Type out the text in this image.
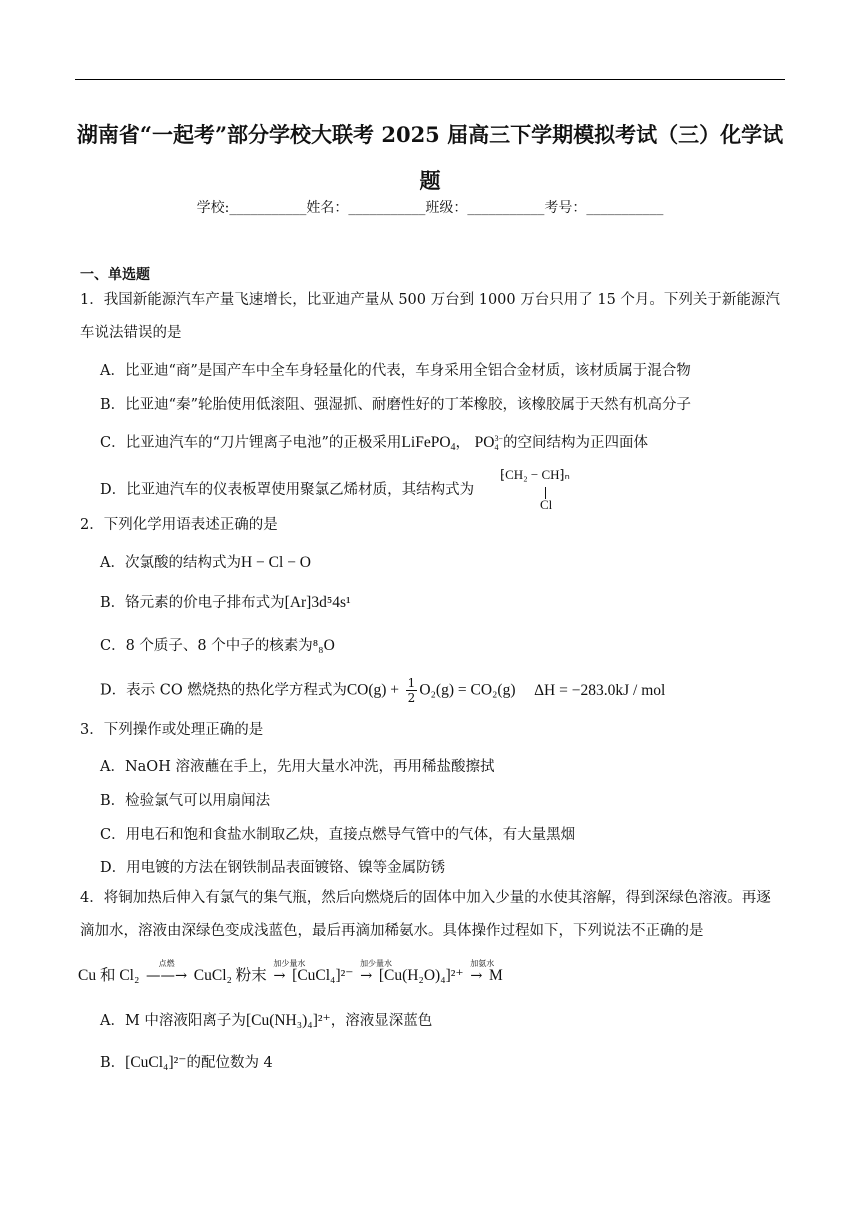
湖南省“一起考”部分学校大联考 2025 届高三下学期模拟考试（三）化学试
题
学校:___________姓名：___________班级：___________考号：___________
一、单选题
1．我国新能源汽车产量飞速增长，比亚迪产量从 500 万台到 1000 万台只用了 15 个月。下列关于新能源汽车说法错误的是
A．比亚迪“商”是国产车中全车身轻量化的代表，车身采用全铝合金材质，该材质属于混合物
B．比亚迪“秦”轮胎使用低滚阻、强湿抓、耐磨性好的丁苯橡胶，该橡胶属于天然有机高分子
C．比亚迪汽车的“刀片锂离子电池”的正极采用LiFePO$_4$， PO 3−
4 的空间结构为正四面体
D．比亚迪汽车的仪表板罩使用聚氯乙烯材质，其结构式为
⁅CH₂ − CH⁆ₙ
Cl
2．下列化学用语表述正确的是
A．次氯酸的结构式为H − Cl − O
B．铬元素的价电子排布式为[Ar]3d⁵4s¹
C．8 个质子、8 个中子的核素为⁸₈O
D．表示 CO 燃烧热的热化学方程式为$CO(g) + \frac{1}{2} O_2(g) = CO_2(g) \Delta H = -283.0kJ$ / mol
3．下列操作或处理正确的是
A．NaOH 溶液蘸在手上，先用大量水冲洗，再用稀盐酸擦拭
B．检验氯气可以用扇闻法
C．用电石和饱和食盐水制取乙炔，直接点燃导气管中的气体，有大量黑烟
D．用电镀的方法在钢铁制品表面镀铬、镍等金属防锈
4．将铜加热后伸入有氯气的集气瓶，然后向燃烧后的固体中加入少量的水使其溶解，得到深绿色溶液。再逐滴加水，溶液由深绿色变成浅蓝色，最后再滴加稀氨水。具体操作过程如下，下列说法不正确的是
Cu 和 Cl₂
点燃
——→ CuCl₂ 粉末
加少量水
→ [CuCl₄]²⁻
加少量水
→ [Cu(H₂O)₄]²⁺
加氨水
→ M
A．M 中溶液阳离子为[Cu(NH₃)₄]²⁺，溶液显深蓝色
B．[CuCl₄]²⁻的配位数为 4
